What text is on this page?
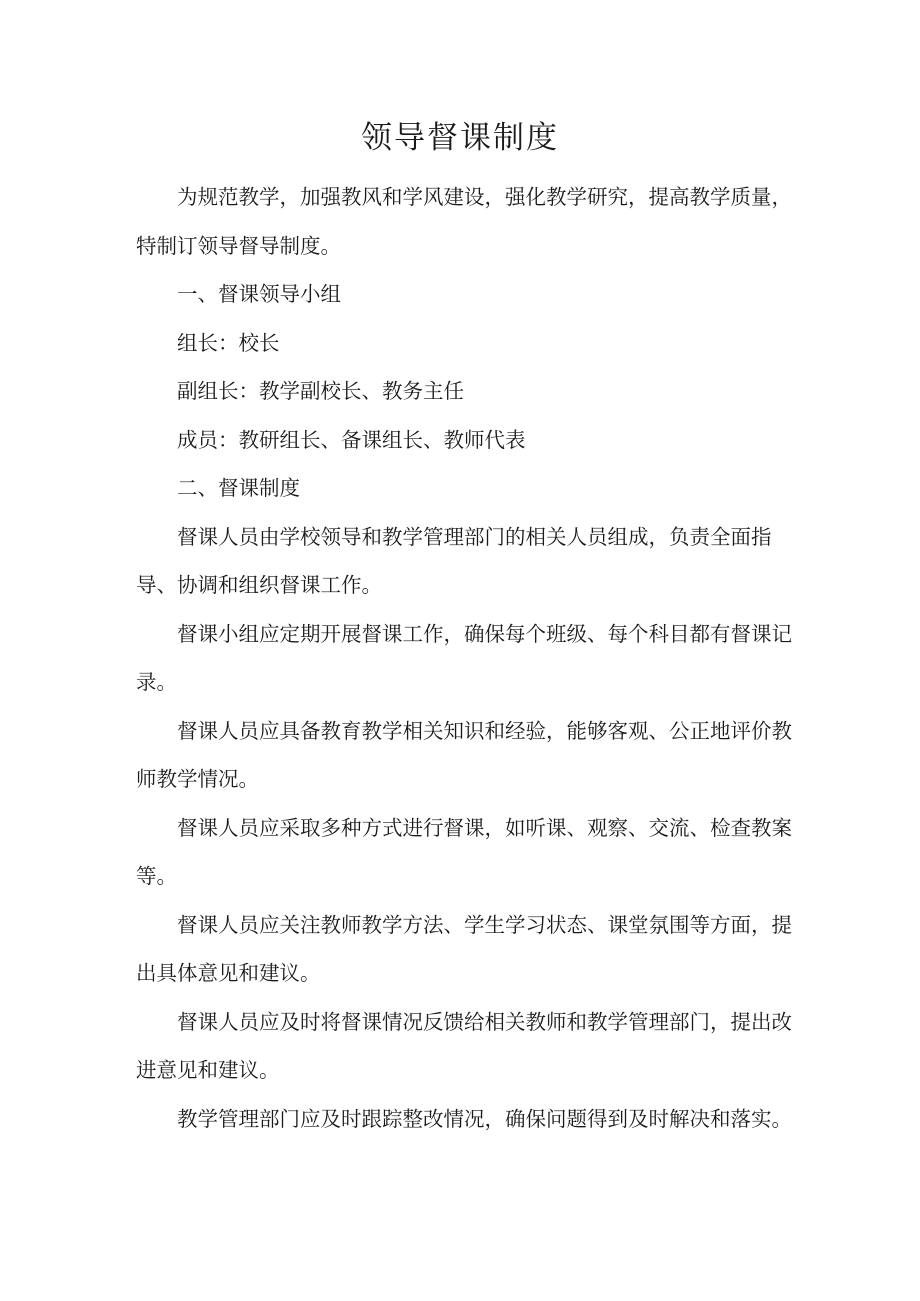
领导督课制度

为规范教学，加强教风和学风建设，强化教学研究，提高教学质量，特制订领导督导制度。

一、督课领导小组

组长：校长

副组长：教学副校长、教务主任

成员：教研组长、备课组长、教师代表

二、督课制度

督课人员由学校领导和教学管理部门的相关人员组成，负责全面指导、协调和组织督课工作。

督课小组应定期开展督课工作，确保每个班级、每个科目都有督课记录。

督课人员应具备教育教学相关知识和经验，能够客观、公正地评价教师教学情况。

督课人员应采取多种方式进行督课，如听课、观察、交流、检查教案等。

督课人员应关注教师教学方法、学生学习状态、课堂氛围等方面，提出具体意见和建议。

督课人员应及时将督课情况反馈给相关教师和教学管理部门，提出改进意见和建议。

教学管理部门应及时跟踪整改情况，确保问题得到及时解决和落实。
